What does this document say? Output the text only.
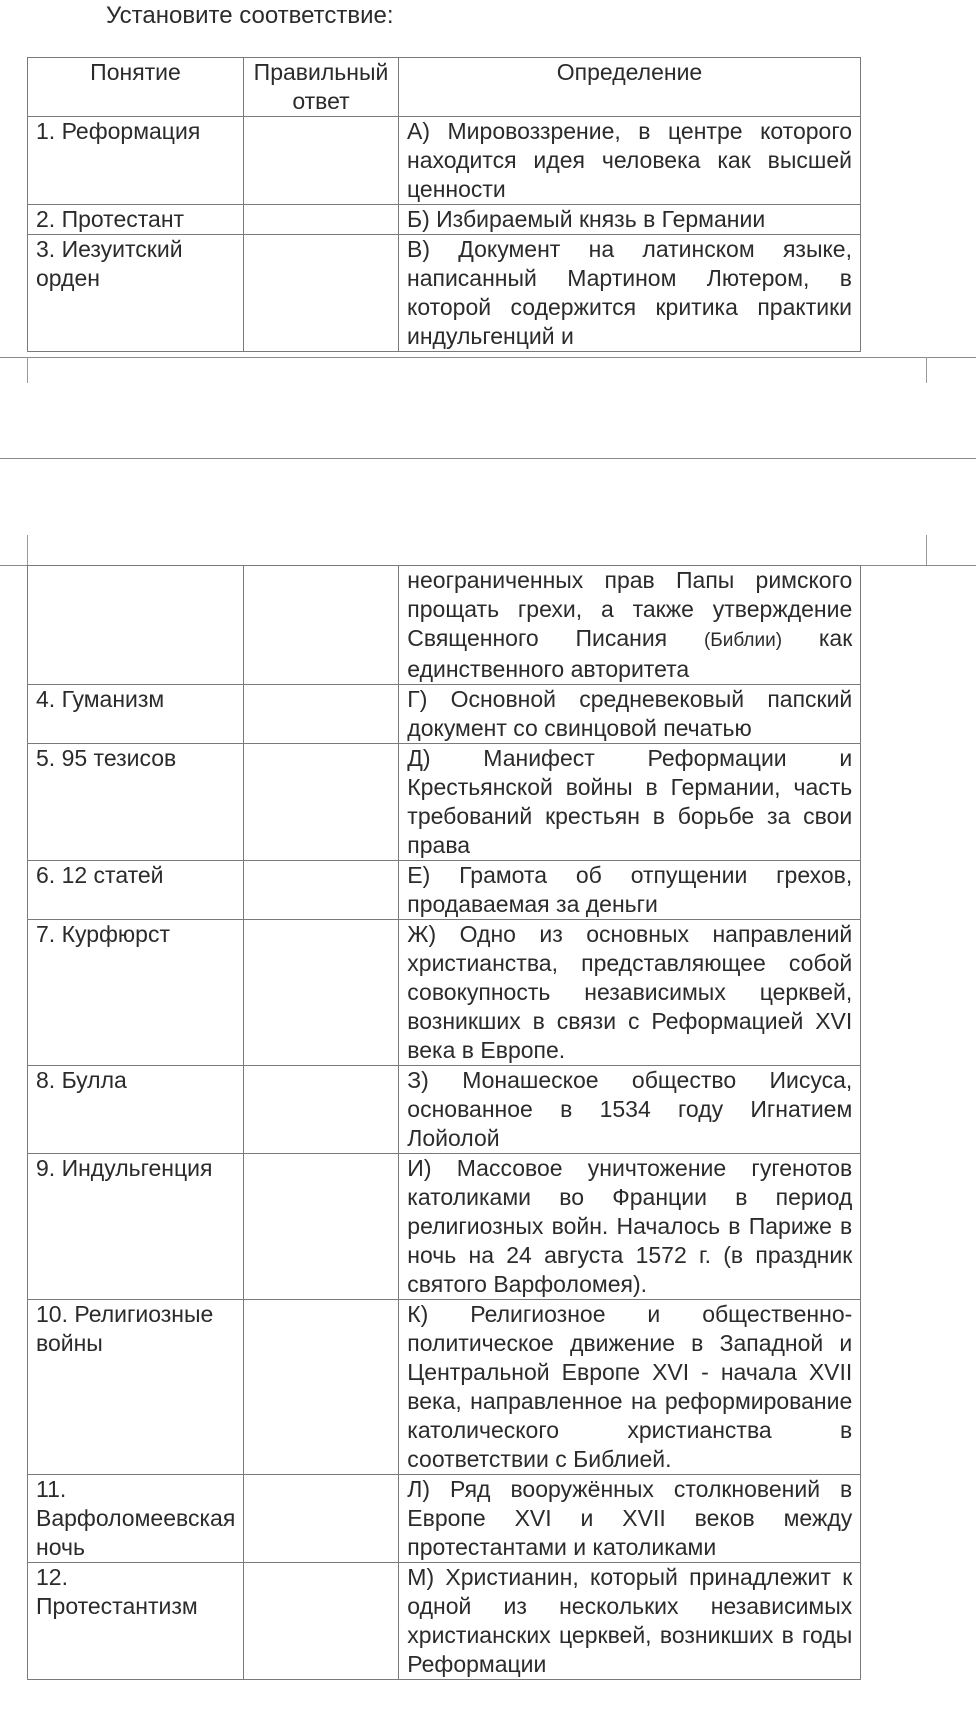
Установите соответствие:
Понятие	Правильный ответ	Определение
1. Реформация		А) Мировоззрение, в центре которого находится идея человека как высшей ценности
2. Протестант		Б) Избираемый князь в Германии
3. Иезуитский орден		В) Документ на латинском языке, написанный Мартином Лютером, в которой содержится критика практики индульгенций и
		неограниченных прав Папы римского прощать грехи, а также утверждение Священного Писания (Библии) как единственного авторитета
4. Гуманизм		Г) Основной средневековый папский документ со свинцовой печатью
5. 95 тезисов		Д) Манифест Реформации и Крестьянской войны в Германии, часть требований крестьян в борьбе за свои права
6. 12 статей		Е) Грамота об отпущении грехов, продаваемая за деньги
7. Курфюрст		Ж) Одно из основных направлений христианства, представляющее собой совокупность независимых церквей, возникших в связи с Реформацией XVI века в Европе.
8. Булла		З) Монашеское общество Иисуса, основанное в 1534 году Игнатием Лойолой
9. Индульгенция		И) Массовое уничтожение гугенотов католиками во Франции в период религиозных войн. Началось в Париже в ночь на 24 августа 1572 г. (в праздник святого Варфоломея).
10. Религиозные войны		К) Религиозное и общественно-политическое движение в Западной и Центральной Европе XVI - начала XVII века, направленное на реформирование католического христианства в соответствии с Библией.
11. Варфоломеевская ночь		Л) Ряд вооружённых столкновений в Европе XVI и XVII веков между протестантами и католиками
12. Протестантизм		М) Христианин, который принадлежит к одной из нескольких независимых христианских церквей, возникших в годы Реформации
